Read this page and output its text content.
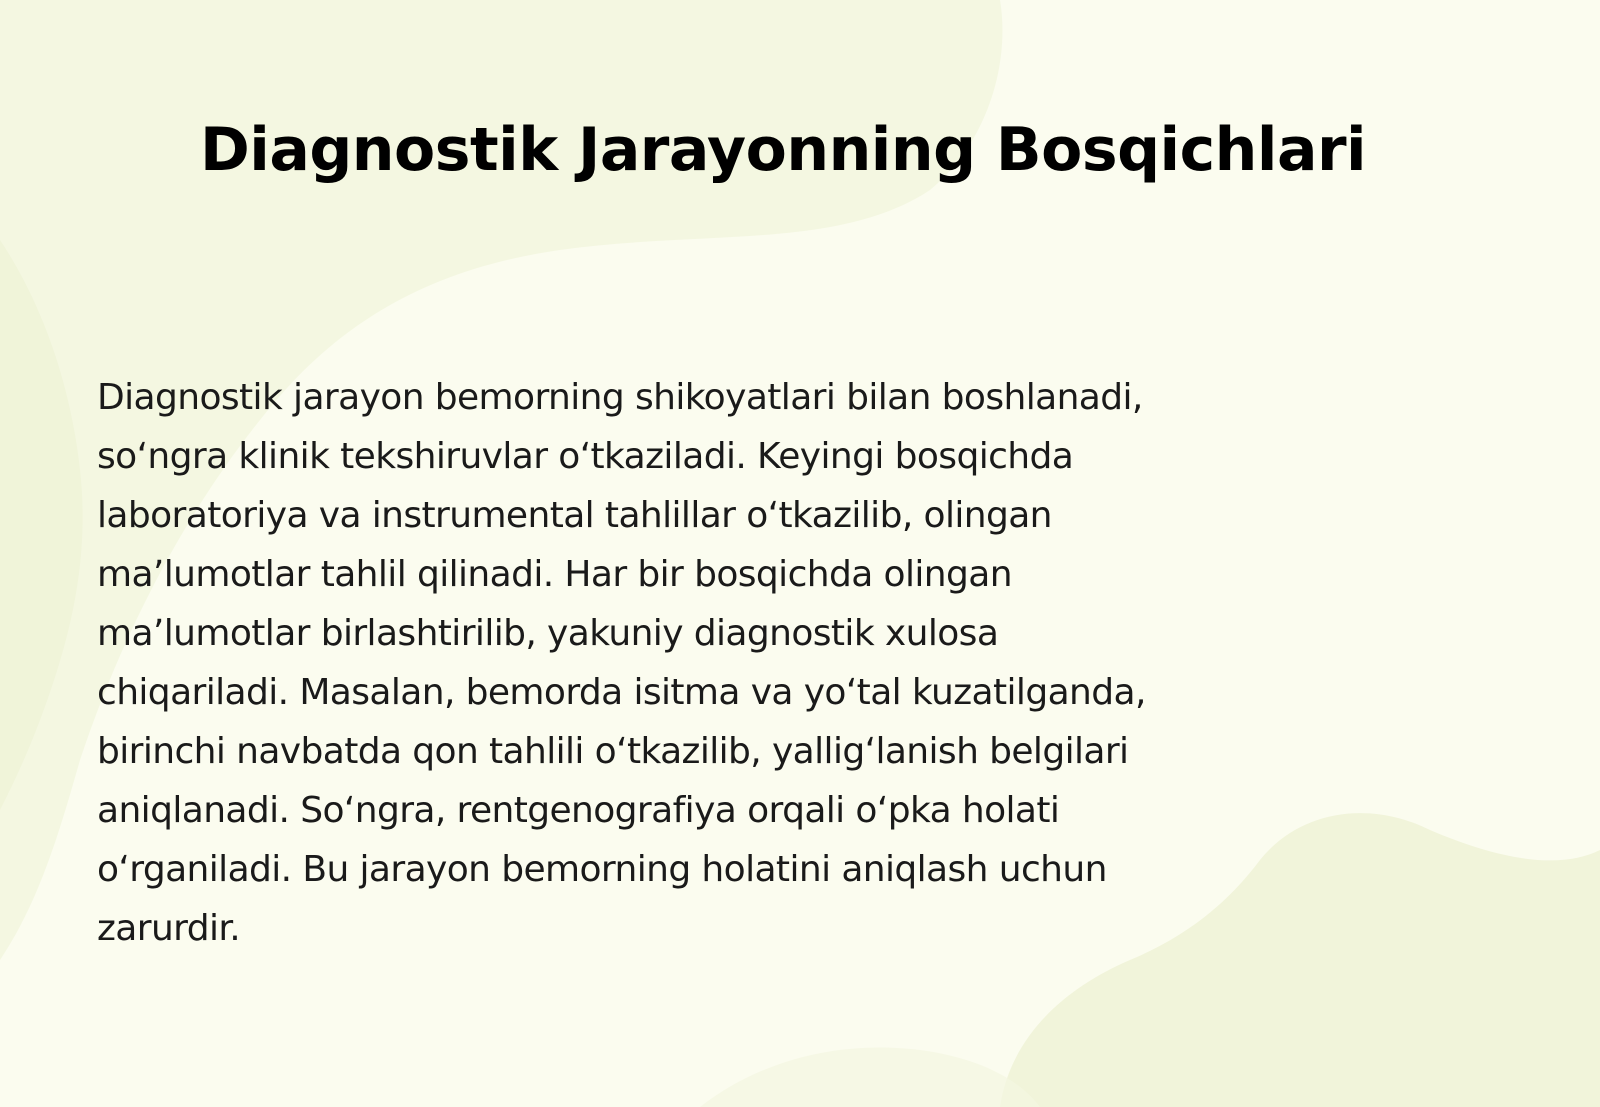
Diagnostik Jarayonning Bosqichlari

Diagnostik jarayon bemorning shikoyatlari bilan boshlanadi,
so‘ngra klinik tekshiruvlar o‘tkaziladi. Keyingi bosqichda
laboratoriya va instrumental tahlillar o‘tkazilib, olingan
ma’lumotlar tahlil qilinadi. Har bir bosqichda olingan
ma’lumotlar birlashtirilib, yakuniy diagnostik xulosa
chiqariladi. Masalan, bemorda isitma va yo‘tal kuzatilganda,
birinchi navbatda qon tahlili o‘tkazilib, yallig‘lanish belgilari
aniqlanadi. So‘ngra, rentgenografiya orqali o‘pka holati
o‘rganiladi. Bu jarayon bemorning holatini aniqlash uchun
zarurdir.
